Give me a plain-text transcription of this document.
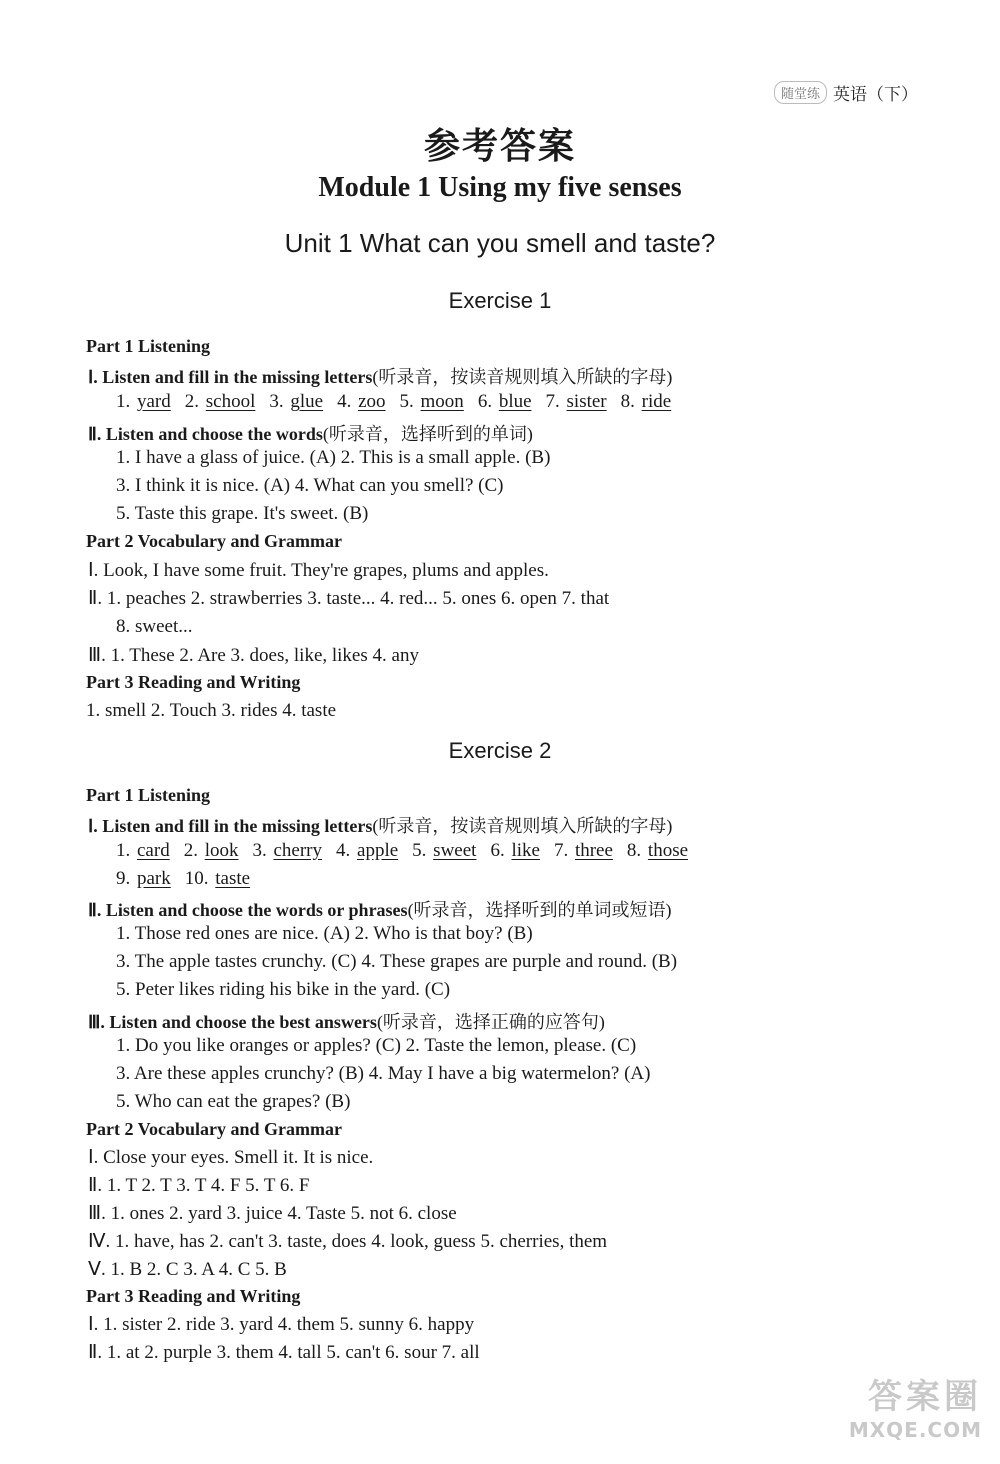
随堂练 英语（下）
参考答案
Module 1 Using my five senses
Unit 1 What can you smell and taste?
Exercise 1
Part 1 Listening
Ⅰ. Listen and fill in the missing letters(听录音，按读音规则填入所缺的字母)
1. yard 2. school 3. glue 4. zoo 5. moon 6. blue 7. sister 8. ride
Ⅱ. Listen and choose the words(听录音，选择听到的单词)
1. I have a glass of juice. (A) 2. This is a small apple. (B)
3. I think it is nice. (A) 4. What can you smell? (C)
5. Taste this grape. It's sweet. (B)
Part 2 Vocabulary and Grammar
Ⅰ. Look, I have some fruit. They're grapes, plums and apples.
Ⅱ. 1. peaches 2. strawberries 3. taste... 4. red... 5. ones 6. open 7. that
8. sweet...
Ⅲ. 1. These 2. Are 3. does, like, likes 4. any
Part 3 Reading and Writing
1. smell 2. Touch 3. rides 4. taste
Exercise 2
Part 1 Listening
Ⅰ. Listen and fill in the missing letters(听录音，按读音规则填入所缺的字母)
1. card 2. look 3. cherry 4. apple 5. sweet 6. like 7. three 8. those
9. park 10. taste
Ⅱ. Listen and choose the words or phrases(听录音，选择听到的单词或短语)
1. Those red ones are nice. (A) 2. Who is that boy? (B)
3. The apple tastes crunchy. (C) 4. These grapes are purple and round. (B)
5. Peter likes riding his bike in the yard. (C)
Ⅲ. Listen and choose the best answers(听录音，选择正确的应答句)
1. Do you like oranges or apples? (C) 2. Taste the lemon, please. (C)
3. Are these apples crunchy? (B) 4. May I have a big watermelon? (A)
5. Who can eat the grapes? (B)
Part 2 Vocabulary and Grammar
Ⅰ. Close your eyes. Smell it. It is nice.
Ⅱ. 1. T 2. T 3. T 4. F 5. T 6. F
Ⅲ. 1. ones 2. yard 3. juice 4. Taste 5. not 6. close
Ⅳ. 1. have, has 2. can't 3. taste, does 4. look, guess 5. cherries, them
Ⅴ. 1. B 2. C 3. A 4. C 5. B
Part 3 Reading and Writing
Ⅰ. 1. sister 2. ride 3. yard 4. them 5. sunny 6. happy
Ⅱ. 1. at 2. purple 3. them 4. tall 5. can't 6. sour 7. all
答案圈
MXQE.COM
